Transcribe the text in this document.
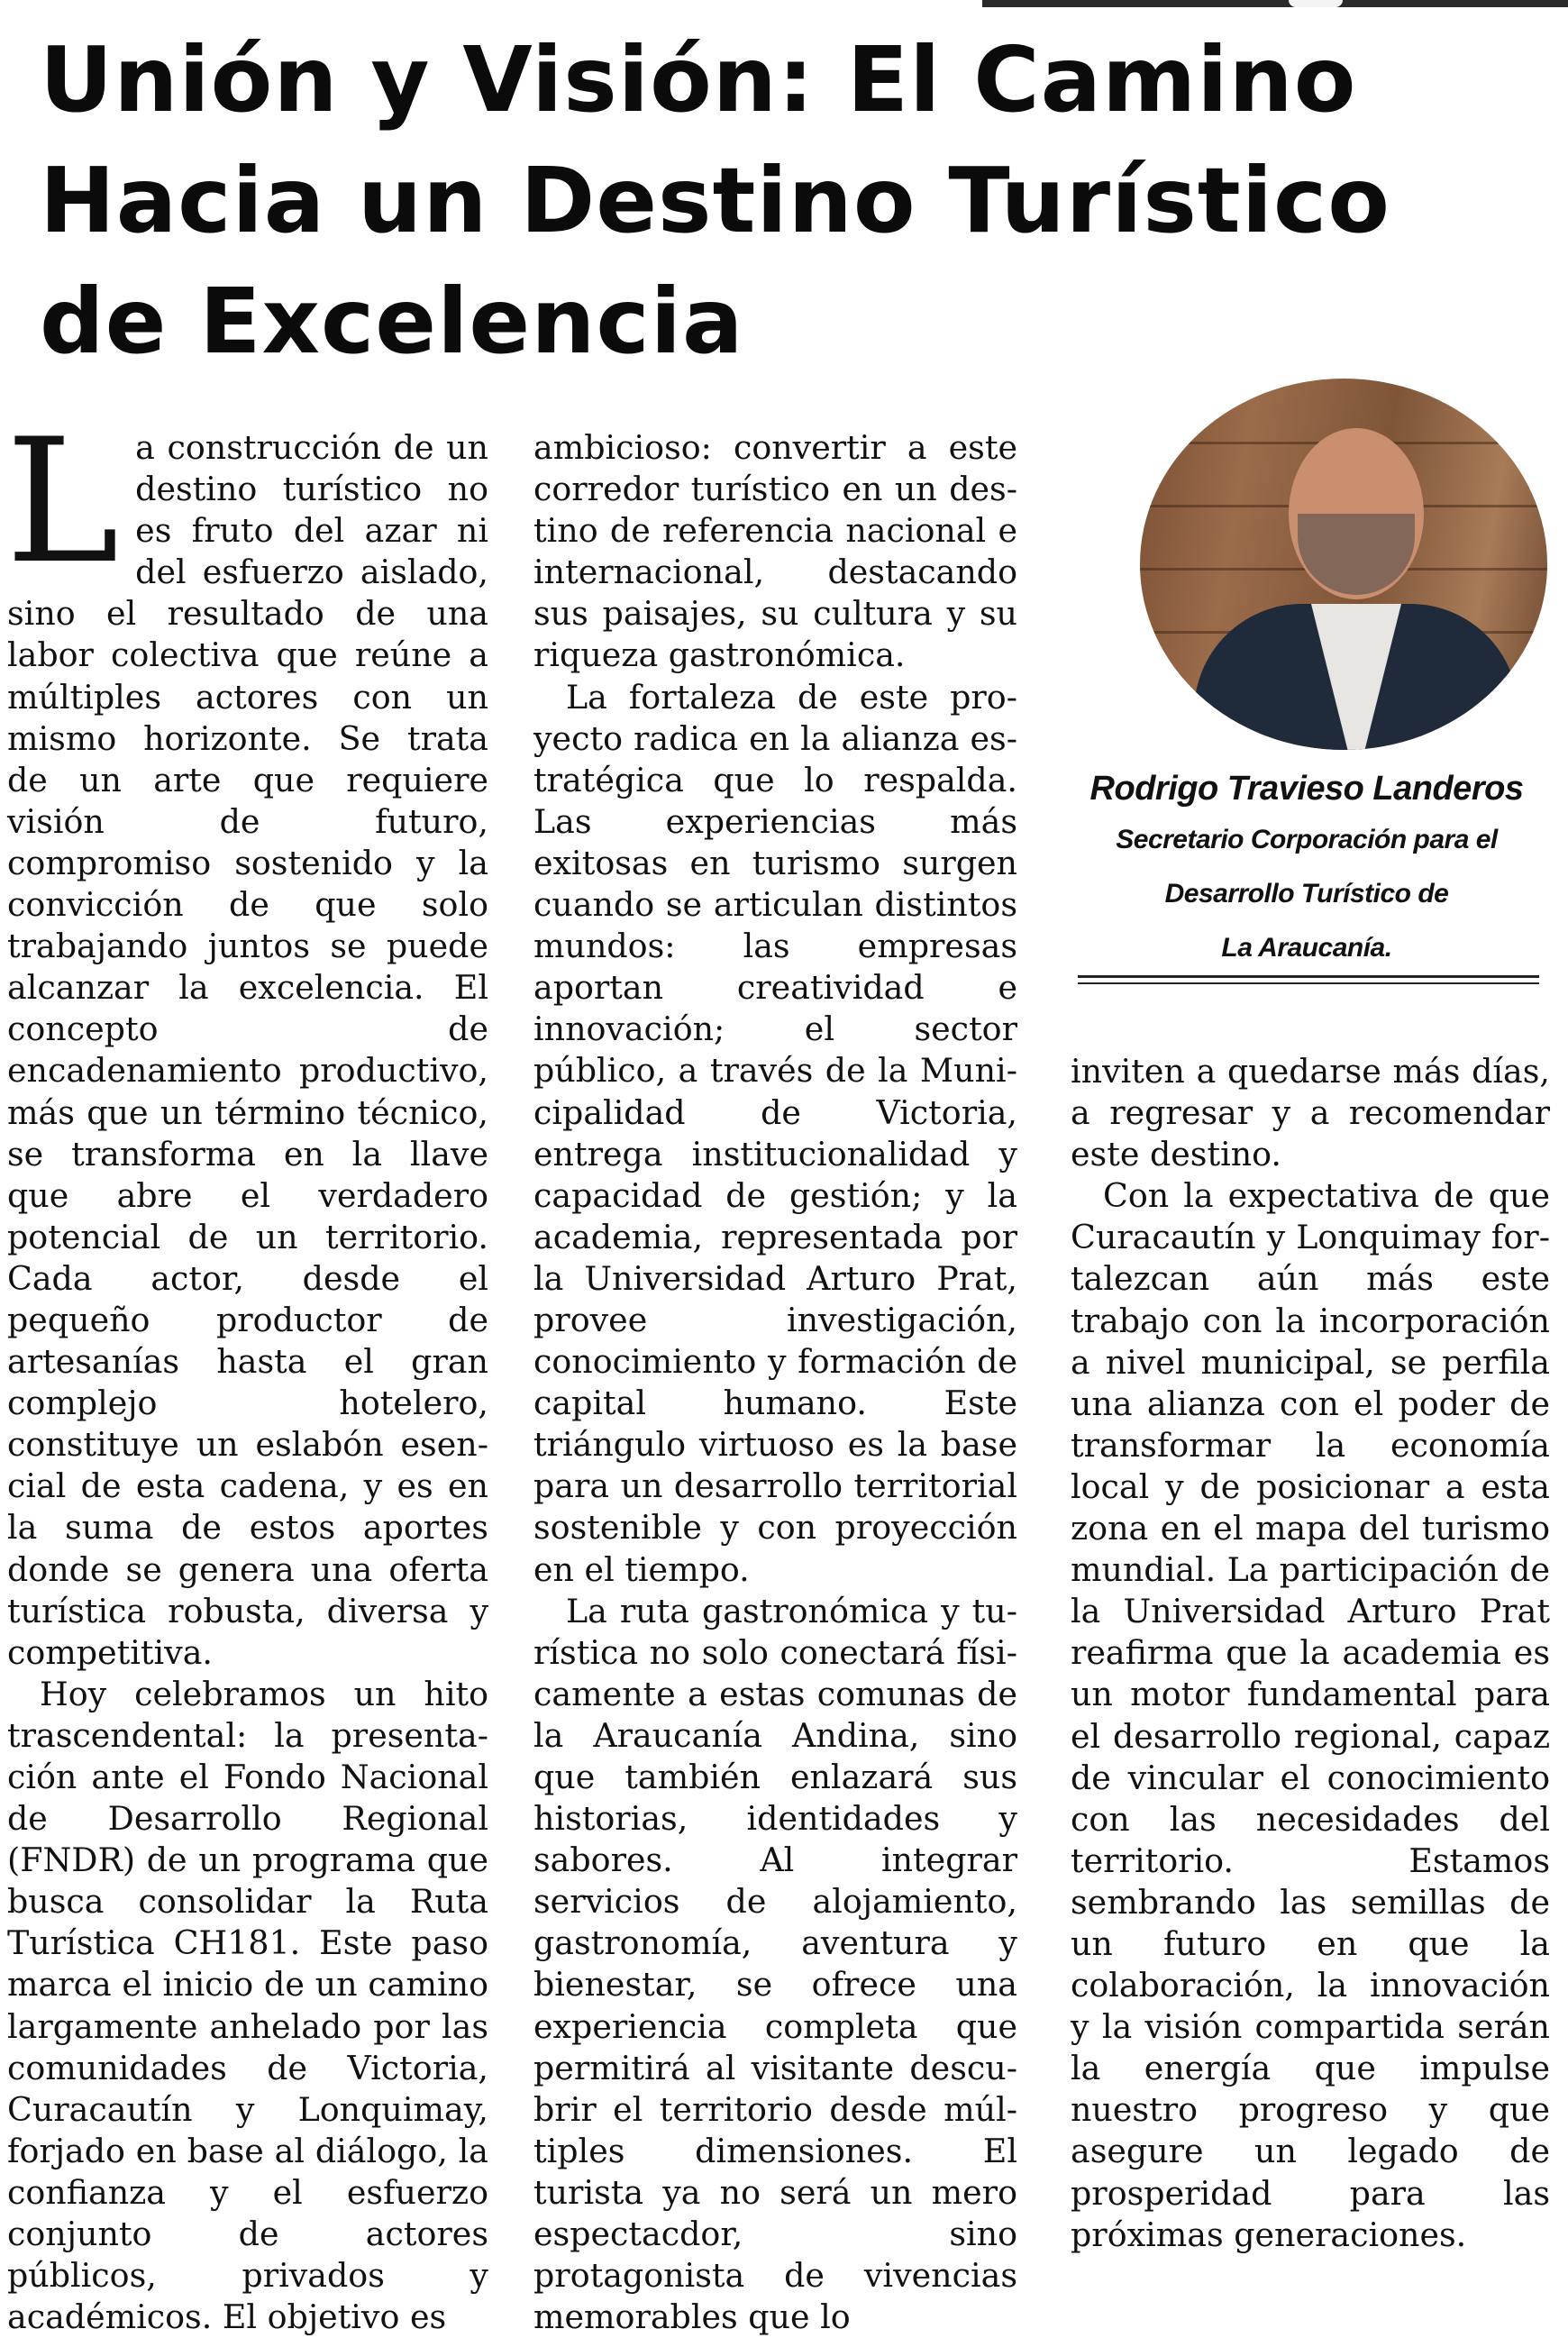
Unión y Visión: El Camino Hacia un Destino Turístico de Excelencia

La construcción de un destino turístico no es fruto del azar ni del esfuerzo aislado, sino el resultado de una labor colectiva que reúne a múltiples actores con un mismo horizonte. Se trata de un arte que requiere visión de futuro, compromiso sostenido y la convicción de que solo trabajando juntos se puede alcanzar la excelencia. El concepto de encadenamiento productivo, más que un término técnico, se transforma en la llave que abre el verdadero potencial de un territorio. Cada actor, desde el pequeño productor de artesanías hasta el gran complejo hotelero, constituye un eslabón esencial de esta cadena, y es en la suma de estos aportes donde se genera una oferta turística robusta, diversa y competitiva.

Hoy celebramos un hito trascendental: la presentación ante el Fondo Nacional de Desarrollo Regional (FNDR) de un programa que busca consolidar la Ruta Turística CH181. Este paso marca el inicio de un camino largamente anhelado por las comunidades de Victoria, Curacautín y Lonquimay, forjado en base al diálogo, la confianza y el esfuerzo conjunto de actores públicos, privados y académicos. El objetivo es

ambicioso: convertir a este corredor turístico en un destino de referencia nacional e internacional, destacando sus paisajes, su cultura y su riqueza gastronómica.

La fortaleza de este proyecto radica en la alianza estratégica que lo respalda. Las experiencias más exitosas en turismo surgen cuando se articulan distintos mundos: las empresas aportan creatividad e innovación; el sector público, a través de la Municipalidad de Victoria, entrega institucionalidad y capacidad de gestión; y la academia, representada por la Universidad Arturo Prat, provee investigación, conocimiento y formación de capital humano. Este triángulo virtuoso es la base para un desarrollo territorial sostenible y con proyección en el tiempo.

La ruta gastronómica y turística no solo conectará físicamente a estas comunas de la Araucanía Andina, sino que también enlazará sus historias, identidades y sabores. Al integrar servicios de alojamiento, gastronomía, aventura y bienestar, se ofrece una experiencia completa que permitirá al visitante descubrir el territorio desde múltiples dimensiones. El turista ya no será un mero espectacdor, sino protagonista de vivencias memorables que lo

Rodrigo Travieso Landeros
Secretario Corporación para el
Desarrollo Turístico de
La Araucanía.

inviten a quedarse más días, a regresar y a recomendar este destino.

Con la expectativa de que Curacautín y Lonquimay fortalezcan aún más este trabajo con la incorporación a nivel municipal, se perfila una alianza con el poder de transformar la economía local y de posicionar a esta zona en el mapa del turismo mundial. La participación de la Universidad Arturo Prat reafirma que la academia es un motor fundamental para el desarrollo regional, capaz de vincular el conocimiento con las necesidades del territorio. Estamos sembrando las semillas de un futuro en que la colaboración, la innovación y la visión compartida serán la energía que impulse nuestro progreso y que asegure un legado de prosperidad para las próximas generaciones.
